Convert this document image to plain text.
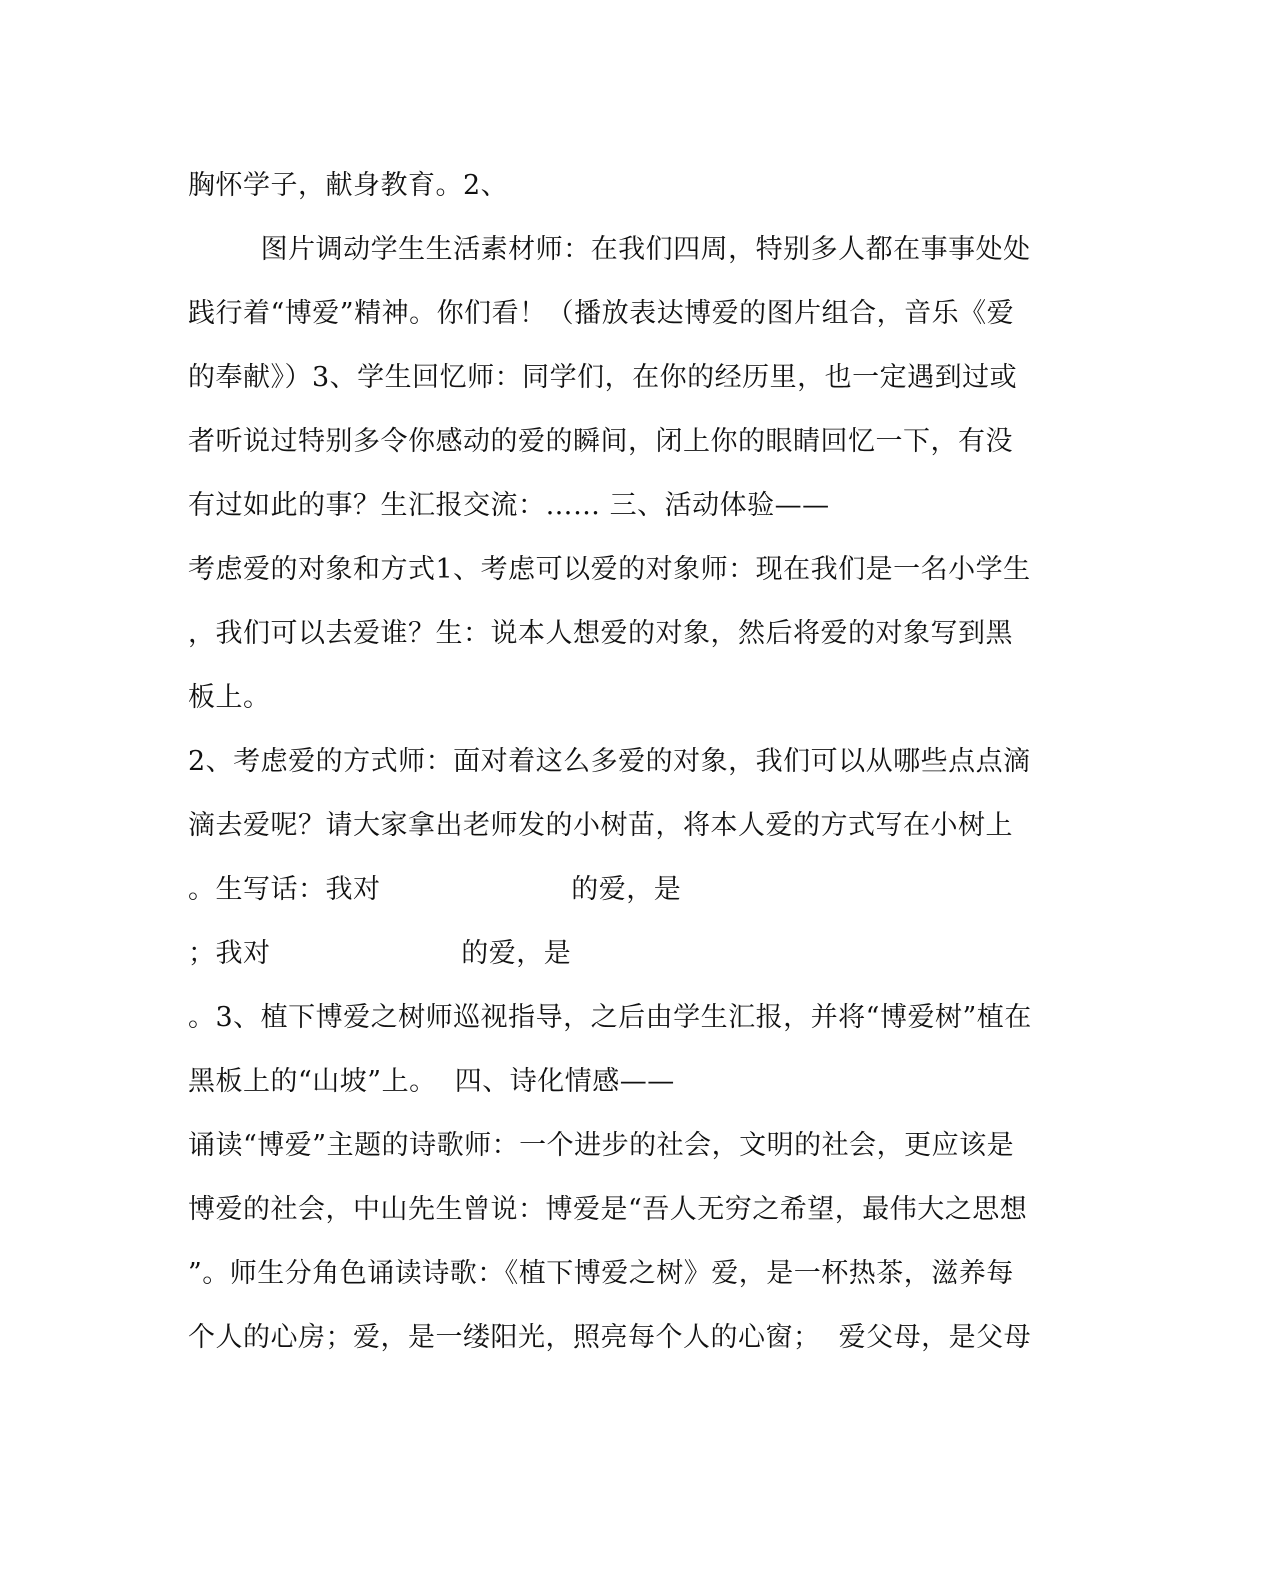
胸怀学子，献身教育。2、
图片调动学生生活素材师：在我们四周，特别多人都在事事处处
践行着“博爱”精神。你们看！（播放表达博爱的图片组合，音乐《爱
的奉献》）3、学生回忆师：同学们，在你的经历里，也一定遇到过或
者听说过特别多令你感动的爱的瞬间，闭上你的眼睛回忆一下，有没
有过如此的事？生汇报交流：…… 三、活动体验——
考虑爱的对象和方式1、考虑可以爱的对象师：现在我们是一名小学生
，我们可以去爱谁？生：说本人想爱的对象，然后将爱的对象写到黑
板上。
2、考虑爱的方式师：面对着这么多爱的对象，我们可以从哪些点点滴
滴去爱呢？请大家拿出老师发的小树苗，将本人爱的方式写在小树上
。生写话：我对                     的爱，是
；我对                     的爱，是
。3、植下博爱之树师巡视指导，之后由学生汇报，并将“博爱树”植在
黑板上的“山坡”上。  四、诗化情感——
诵读“博爱”主题的诗歌师：一个进步的社会，文明的社会，更应该是
博爱的社会，中山先生曾说：博爱是“吾人无穷之希望，最伟大之思想
”。师生分角色诵读诗歌：《植下博爱之树》爱，是一杯热茶，滋养每
个人的心房；爱，是一缕阳光，照亮每个人的心窗；  爱父母，是父母
